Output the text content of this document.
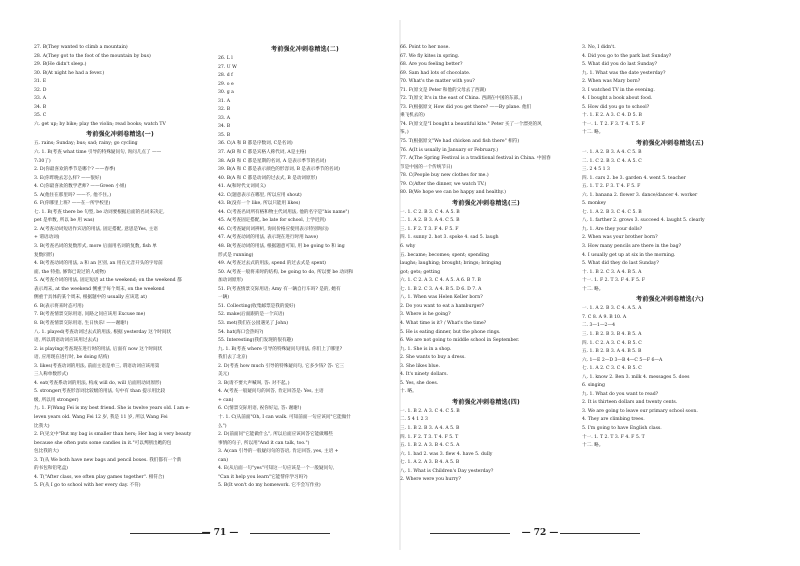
27. B(They wanted to climb a mountain)
28. A(They got to the foot of the mountain by bus)
29. B(He didn't sleep.)
30. B(At night he had a fever.)
31. E
32. D
33. A
34. B
35. C
六. get up; by bike; play the violin; read books; watch TV
考前强化冲刺卷精选(一)
五. rains; Sunday; bus; sad; rainy; go cycling
六. 1. B(考查 what time 引导的特殊疑问句, 询问几点了 ——
7:30了)
2. D(你最喜欢的季节是哪个? ——春季)
3. E(你昨晚去怎么样? ——很好)
4. C(你最喜欢的数学老师? ——Green 小姐)
5. A(他住在那里吗? ——不, 他不住。)
6. F(你哪里上班? ——在一所学校里)
七. 1. B(考查 there be 句型, be 动词要根据后面的名词来决定,
pet 是单数, 所以 be 用 was)
2. A(考查动词短语作宾语的用法, 固定搭配, 意思是Yes, 主语
+ 谓语动词)
3. B(考查名词的复数形式, more 后面用名词的复数, fish 单
复数同形)
4. B(考查动词的用法, a 和 an 区别, an 用在元音开头的字母前
面, the 特指, 修饰已说过的人或物)
5. A(考查介词的用法, 固定短语 at the weekend; on the weekend 都
表示周末, at the weekend 侧重于每个周末, on the weekend
侧重于具体的某个周末, 根据题中的 usually 应该选 at)
6. B(表示将来时态可用)
7. B(考查情景交际用语, 问路之问应该用 Excuse me)
8. B(考查情景交际用语, 生日快乐! ——谢谢!)
八. 1. played(考查动词过去式的用法, 根据 yesterday 这个时间状
语, 所以谓语动词应该用过去式)
2. is playing(考查现在进行时的用法, 后面有 now 这个时间状
语, 应用现在进行时, be doing 结构)
3. likes(考查动词的用法, 前面主语是单三, 谓语动词应该用第
三人称单数形式)
4. eat(考查系动词的用法, 构成 will do, will 后面用动词原形)
5. stronger(考查形容词比较级的用法, 句中有 than 提示用比较
级, 所以用 stronger)
九. 1. F(Wang Fei is my best friend. She is twelve years old. I am e-
leven years old. Wang Fei 12 岁, 我是 11 岁, 所以 Wang Fei
比我大)
2. F(见文中"But my bag is smaller than hers; Her bag is very beauty
because she often puts some candies in it."可以判断出她的包
包比我的大)
3. T(从 We both have new bags and pencil boxes. 我们都有一个新
的书包和铅笔盒)
4. T("After class, we often play games together". 相符合)
5. F(从 I go to school with her every day. 不符)
考前强化冲刺卷精选(二)
26. L l
27. U W
28. d f
29. o e
30. g a
31. A
32. B
33. A
34. B
35. B
36. C(A 和 B 都是序数词, C是名词)
37. A(B 和 C 都是宾格人称代词, A是主格)
38. A(B 和 C 都是星期的名词, A 是表示季节的名词)
39. B(A 和 C 都是表示颜色的形容词, B 是表示季节的名词)
40. B(A 和 C 都是动词的过去式, B 是动词原形)
41. A(和时代文词同义)
42. C(题意表示在哪里, 所以应用 shout)
43. B(没有一个 like, 所以只能用 likes)
44. C(考查名词所有格和物主代词用法, 他的名字是"his name")
45. A(考查固定搭配, be late for school, 上学迟到)
46. C(考查疑问词辨析, 询问价格应使用表示特别询问)
47. A(考查动词的用法, 表示现在进行时用 have)
48. B(考查动词的用法, 根据题意可知, 用 be going to 和 ing
形式是 running)
49. A(考查过去式的用法, spend 的过去式是 spent)
50. A(考查一般将来时的结构, be going to do, 所以要 be 动词和
加动词原形)
51. F(考查情景交际用语; Amy 有一辆自行车吗? 是的, 她有
一辆)
51. Collecting(收集邮票是我的爱好)
52. make(后面跟的是一个宾语)
53. met(我们在公园遇见了 John)
54. hat(海口会热吗?)
55. Interesting(我们发现的很有趣)
九. 1. B(考查 where 引导的特殊疑问句用法, 你们上了哪里?
我们去了北京)
2. D(考查 how much 引导的特殊疑问句, 它多少钱? 答: 它三
美元)
3. B(请不要大声喊叫, 答: 对不起。)
4. A(考查一般疑问句的回答, 肯定回答是: Yes, 主语
+ can)
6. C(情景交际用语, 祝你好运, 答: 谢谢!)
十. 1. C(从前面"Oh, I can walk. 可知前面一句应该问"它能做什
么")
2. D(前面问"它能做什么", 所以后面应该回答它能做哪些
事情的句子, 所以用"And it can talk, too.")
3. A(can 引导的一般疑问句的答语, 肯定回答, yes, 主语 +
can)
4. E(从后面一句"yes"可知这一句应该是一个一般疑问句,
"Can it help you learn"它能帮你学习吗?)
5. B(It won't do my homework. 它不会写作业)
— 71 —
66. Point to her nose.
67. We fly kites in spring.
68. Are you feeling better?
69. Sam had lots of chocolate.
70. What's the matter with you?
71. F(原文是 Peter 和他的父母去了西湖)
72. T(原文 It's in the east of China. 西湖在中国的东部。)
73. F(根据原文 How did you get there? ——By plane. 他们
乘飞机去的)
74. F(原文是"I bought a beautiful kite." Peter 买了一个漂亮的风
筝。)
75. T(根据原文"We had chicken and fish there" 相符)
76. A(It is usually in January or February.)
77. A(The Spring Festival is a traditional festival in China. 中国春
节是中国的一个传统节日)
78. C(People buy new clothes for me.)
79. C(After the dinner, we watch TV.)
80. B(We hope we can be happy and healthy.)
考前强化冲刺卷精选(三)
一. 1. C 2. B 3. C 4. A 5. B
二. 1. A 2. B 3. A 4. C 5. B
三. 1. F 2. T 3. F 4. F 5. F
四. 1. sunny 2. hot 3. spoke 4. sad 5. laugh
6. why
五. became; becomes; spent; spending
laughs; laughing; brought; brings; bringing
got; gets; getting
六. 1. C 2. A 3. C 4. A 5. A 6. B 7. B
七. 1. B 2. C 3. A 4. B 5. D 6. D 7. A
八. 1. When was Helen Keller born?
2. Do you want to eat a hamburger?
3. Where is he going?
4. What time is it? / What's the time?
5. He is eating dinner, but the phone rings.
6. We are not going to middle school in September.
九. 1. She is in a shop.
2. She wants to buy a dress.
3. She likes blue.
4. It's ninety dollars.
5. Yes, she does.
十. 略。
考前强化冲刺卷精选(四)
一. 1. B 2. A 3. C 4. C 5. B
二. 5 4 1 2 3
三. 1. B 2. B 3. A 4. A 5. B
四. 1. F 2. T 3. T 4. F 5. T
五. 1. B 2. A 3. B 4. C 5. A
六. 1. bad 2. was 3. flew 4. have 5. dully
七. 1. A 2. A 3. B 4. A 5. B
八. 1. What is Children's Day yesterday?
2. Where were you hurry?
3. No, I didn't.
4. Did you go to the park last Sunday?
5. What did you do last Sunday?
九. 1. What was the date yesterday?
2. When was Mary born?
3. I watched TV in the evening.
4. I bought a book about food.
5. How did you go to school?
十. 1. E 2. A 3. C 4. D 5. B
十一. 1. T 2. F 3. T 4. T 5. F
十二. 略。
考前强化冲刺卷精选(五)
一. 1. A 2. B 3. A 4. C 5. B
二. 1. C 2. B 3. C 4. A 5. C
三. 2 4 5 1 3
四. 1. cars 2. be 3. garden 4. went 5. teacher
五. 1. T 2. F 3. T 4. F 5. F
六. 1. banana 2. flower 3. dance/dancer 4. worker
5. monkey
七. 1. A 2. B 3. C 4. C 5. B
八. 1. farther 2. grows 3. succeed 4. laught 5. clearly
九. 1. Are they your dolls?
2. When was your brother born?
3. How many pencils are there in the bag?
4. I usually get up at six in the morning.
5. What did they do last Sunday?
十. 1. B 2. C 3. A 4. B 5. A
十一. 1. F 2. T 3. F 4. F 5. F
十二. 略。
考前强化冲刺卷精选(六)
一. 1. A 2. B 3. C 4. A 5. A
7. C 8. A 9. B 10. A
二. 3—1—2—4
三. 1. B 2. B 3. B 4. B 5. A
四. 1. C 2. A 3. C 4. B 5. C
五. 1. B 2. B 3. A 4. B 5. B
六. 1—E 2—D 3—B 4—C 5—F 6—A
七. 1. A 2. C 3. C 4. B 5. C
八. 1. know 2. Ben 3. milk 4. messages 5. does
6. singing
九. 1. What do you want to read?
2. It is thirteen dollars and twenty cents.
3. We are going to leave our primary school soon.
4. They are climbing trees.
5. I'm going to have English class.
十一. 1. T 2. T 3. F 4. F 5. T
十二. 略。
— 72 —
